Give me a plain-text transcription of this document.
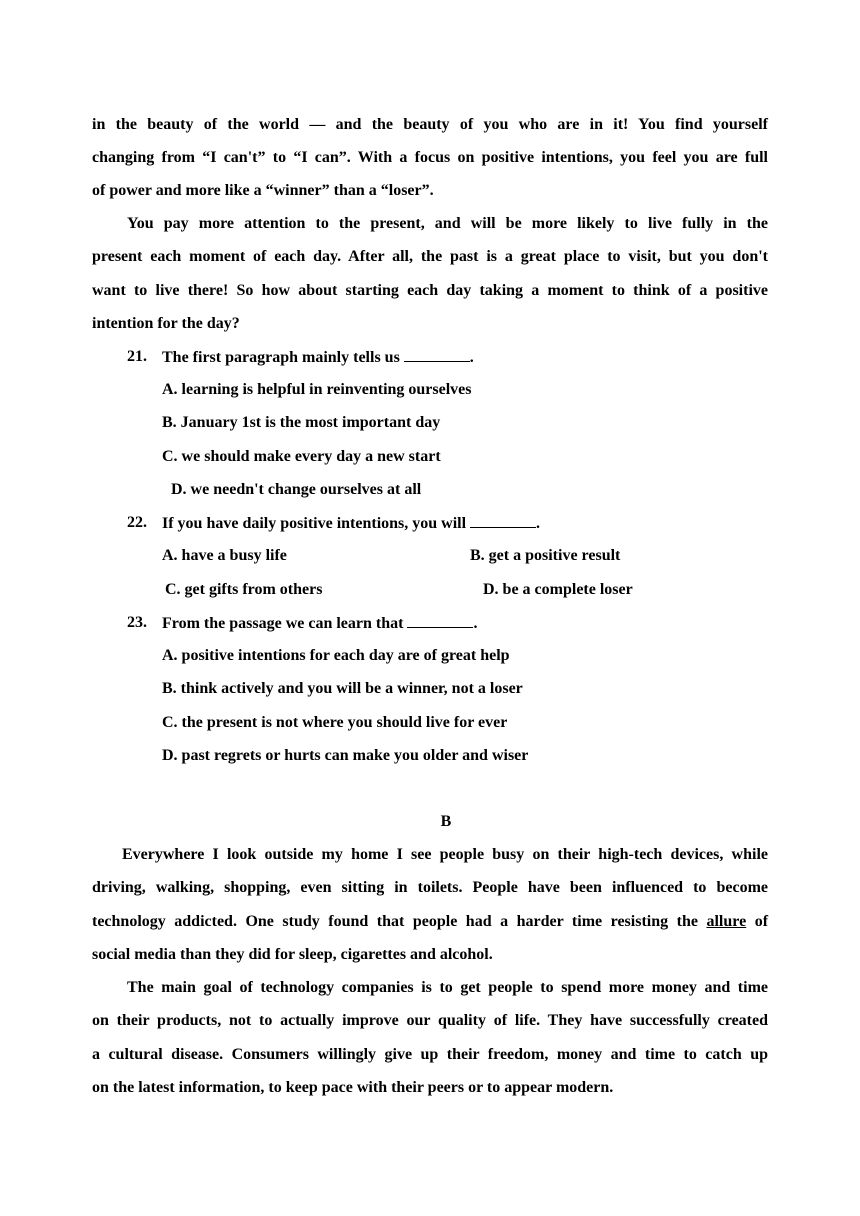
in the beauty of the world — and the beauty of you who are in it! You find yourself
changing from “I can't” to “I can”. With a focus on positive intentions, you feel you are full
of power and more like a “winner” than a “loser”.
You pay more attention to the present, and will be more likely to live fully in the
present each moment of each day. After all, the past is a great place to visit, but you don't
want to live there! So how about starting each day taking a moment to think of a positive
intention for the day?
21. The first paragraph mainly tells us	.
A. learning is helpful in reinventing ourselves
B. January 1st is the most important day
C. we should make every day a new start
D. we needn't change ourselves at all
22. If you have daily positive intentions, you will	.
A. have a busy life	B. get a positive result
C. get gifts from others	D. be a complete loser
23. From the passage we can learn that	.
A. positive intentions for each day are of great help
B. think actively and you will be a winner, not a loser
C. the present is not where you should live for ever
D. past regrets or hurts can make you older and wiser
B
Everywhere I look outside my home I see people busy on their high-tech devices, while
driving, walking, shopping, even sitting in toilets. People have been influenced to become
technology addicted. One study found that people had a harder time resisting the allure of
social media than they did for sleep, cigarettes and alcohol.
The main goal of technology companies is to get people to spend more money and time
on their products, not to actually improve our quality of life. They have successfully created
a cultural disease. Consumers willingly give up their freedom, money and time to catch up
on the latest information, to keep pace with their peers or to appear modern.
